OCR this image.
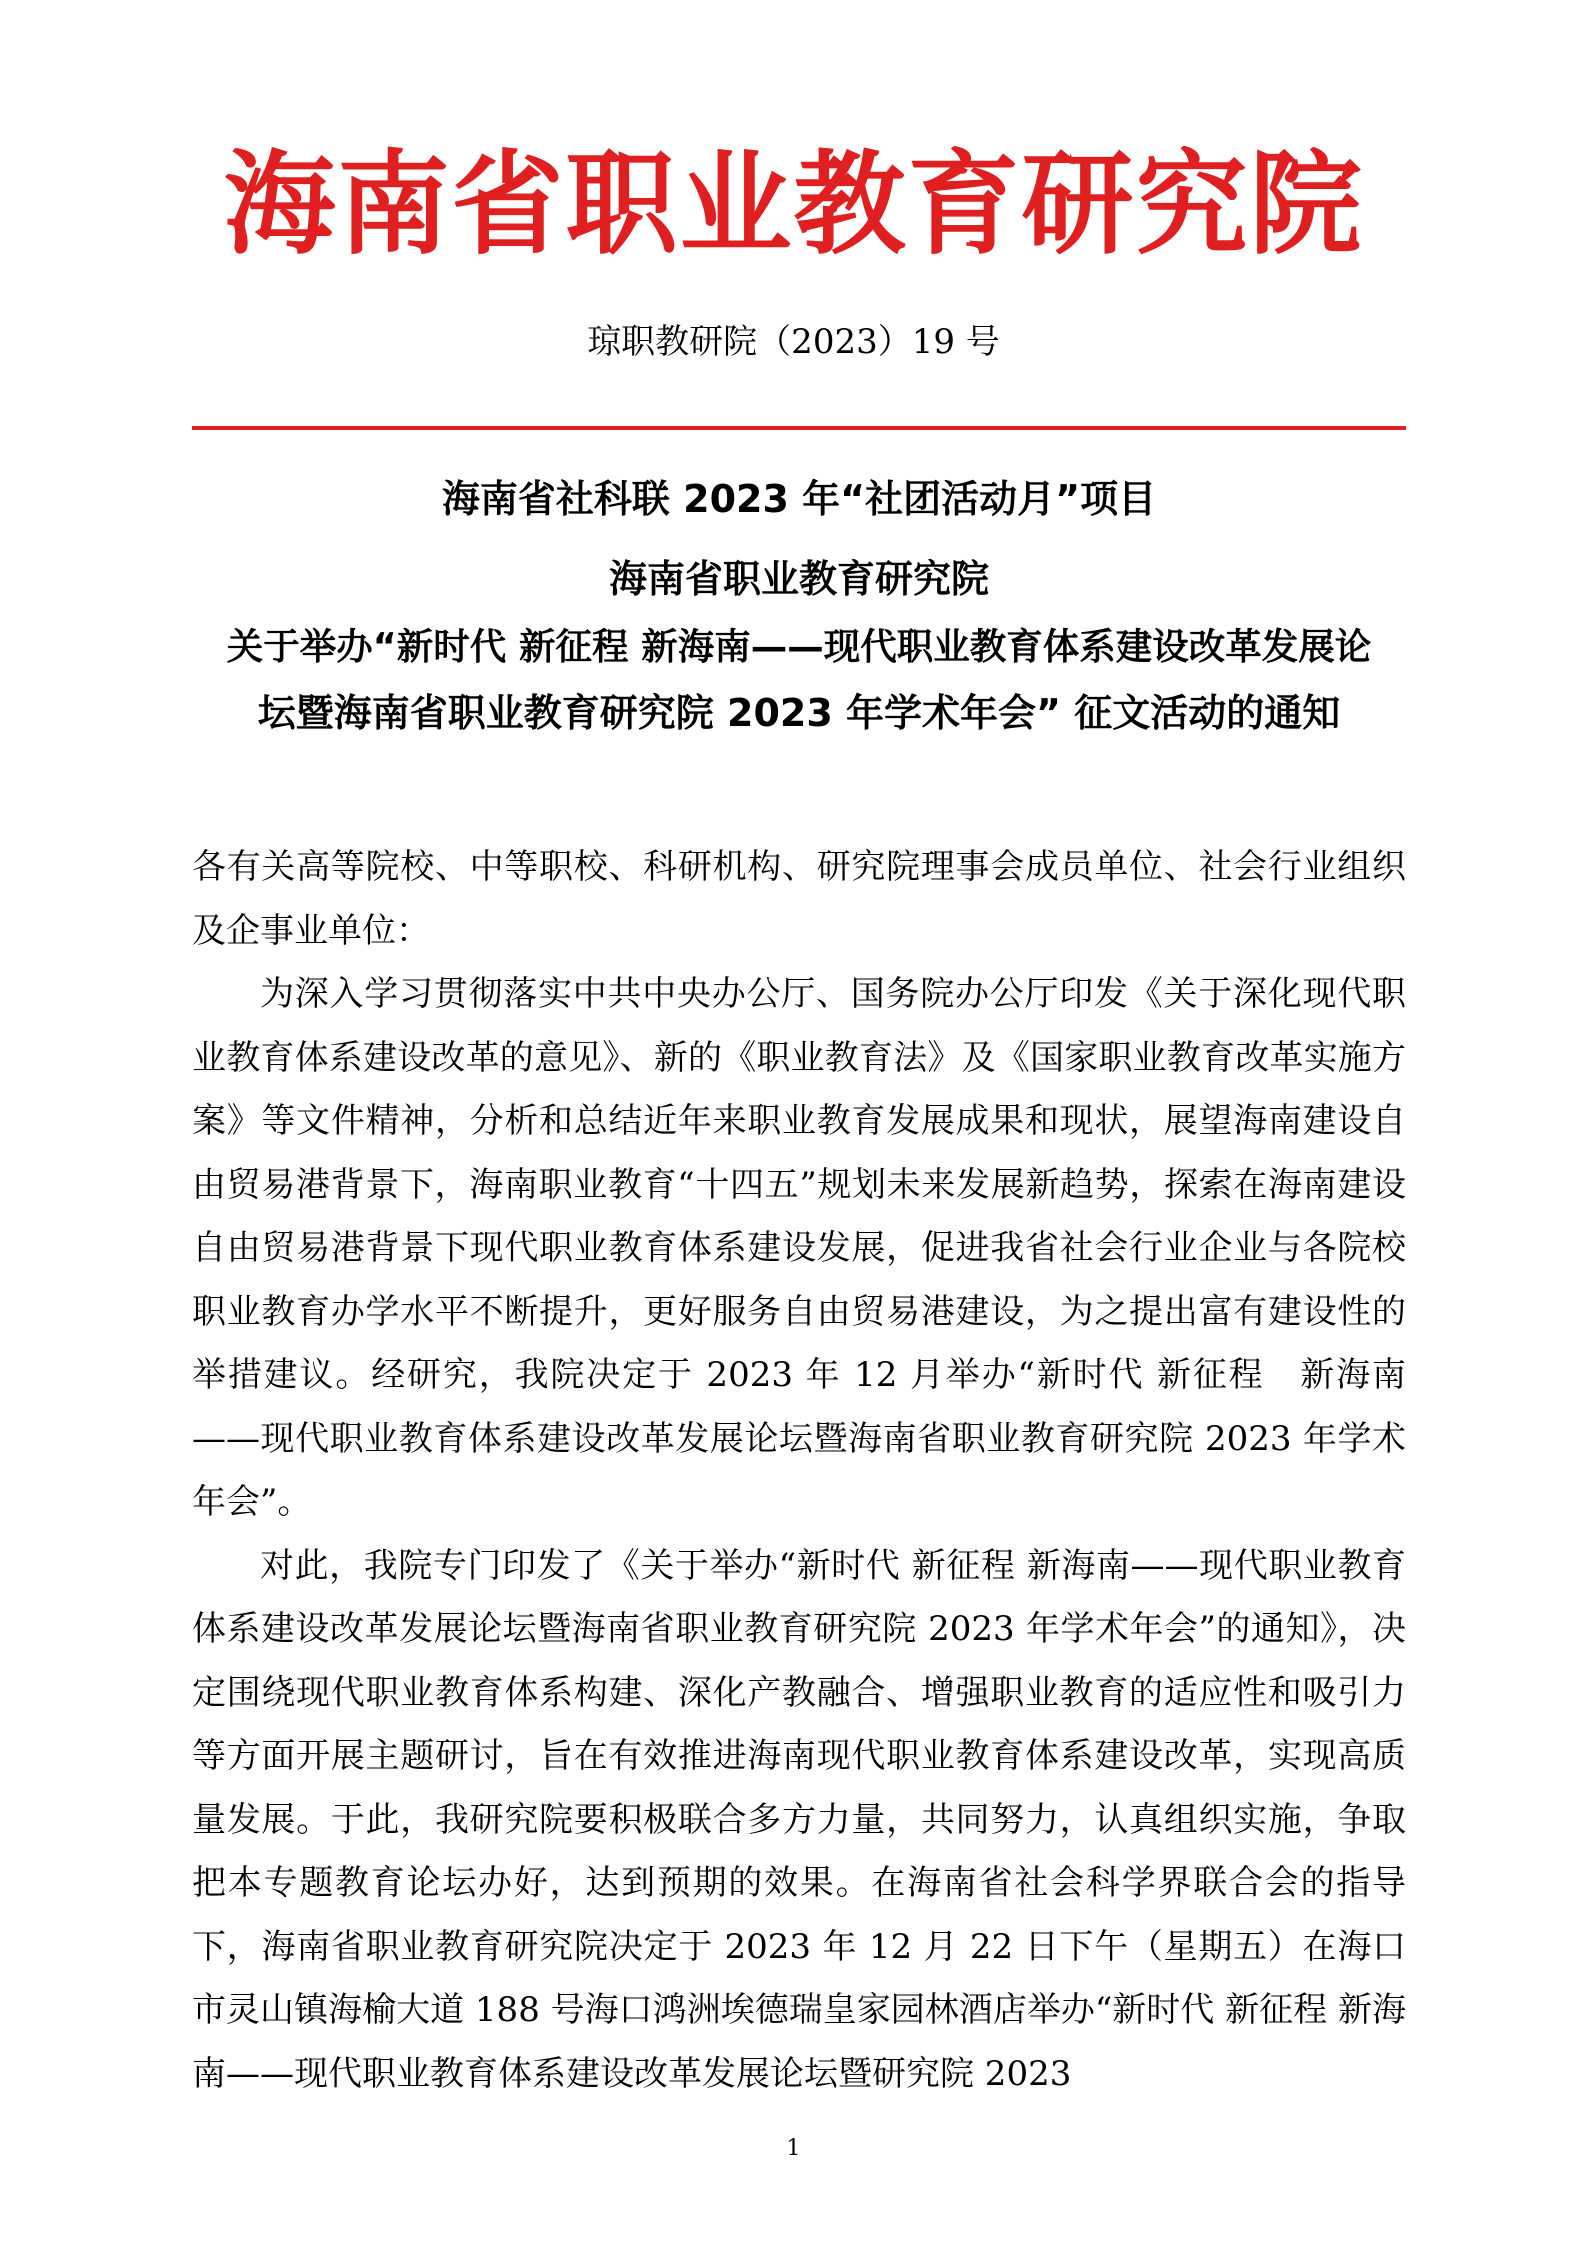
海南省职业教育研究院
琼职教研院（2023）19 号
海南省社科联 2023 年“社团活动月”项目
海南省职业教育研究院
关于举办“新时代 新征程 新海南——现代职业教育体系建设改革发展论
坛暨海南省职业教育研究院 2023 年学术年会” 征文活动的通知

各有关高等院校、中等职校、科研机构、研究院理事会成员单位、社会行业组织及企事业单位：

为深入学习贯彻落实中共中央办公厅、国务院办公厅印发《关于深化现代职业教育体系建设改革的意见》、新的《职业教育法》及《国家职业教育改革实施方案》等文件精神，分析和总结近年来职业教育发展成果和现状，展望海南建设自由贸易港背景下，海南职业教育“十四五”规划未来发展新趋势，探索在海南建设自由贸易港背景下现代职业教育体系建设发展，促进我省社会行业企业与各院校职业教育办学水平不断提升，更好服务自由贸易港建设，为之提出富有建设性的举措建议。经研究，我院决定于 2023 年 12 月举办“新时代 新征程　新海南——现代职业教育体系建设改革发展论坛暨海南省职业教育研究院 2023 年学术年会”。

对此，我院专门印发了《关于举办“新时代 新征程 新海南——现代职业教育体系建设改革发展论坛暨海南省职业教育研究院 2023 年学术年会”的通知》，决定围绕现代职业教育体系构建、深化产教融合、增强职业教育的适应性和吸引力等方面开展主题研讨，旨在有效推进海南现代职业教育体系建设改革，实现高质量发展。于此，我研究院要积极联合多方力量，共同努力，认真组织实施，争取把本专题教育论坛办好，达到预期的效果。在海南省社会科学界联合会的指导下，海南省职业教育研究院决定于 2023 年 12 月 22 日下午（星期五）在海口市灵山镇海榆大道 188 号海口鸿洲埃德瑞皇家园林酒店举办“新时代 新征程 新海南——现代职业教育体系建设改革发展论坛暨研究院 2023

1
